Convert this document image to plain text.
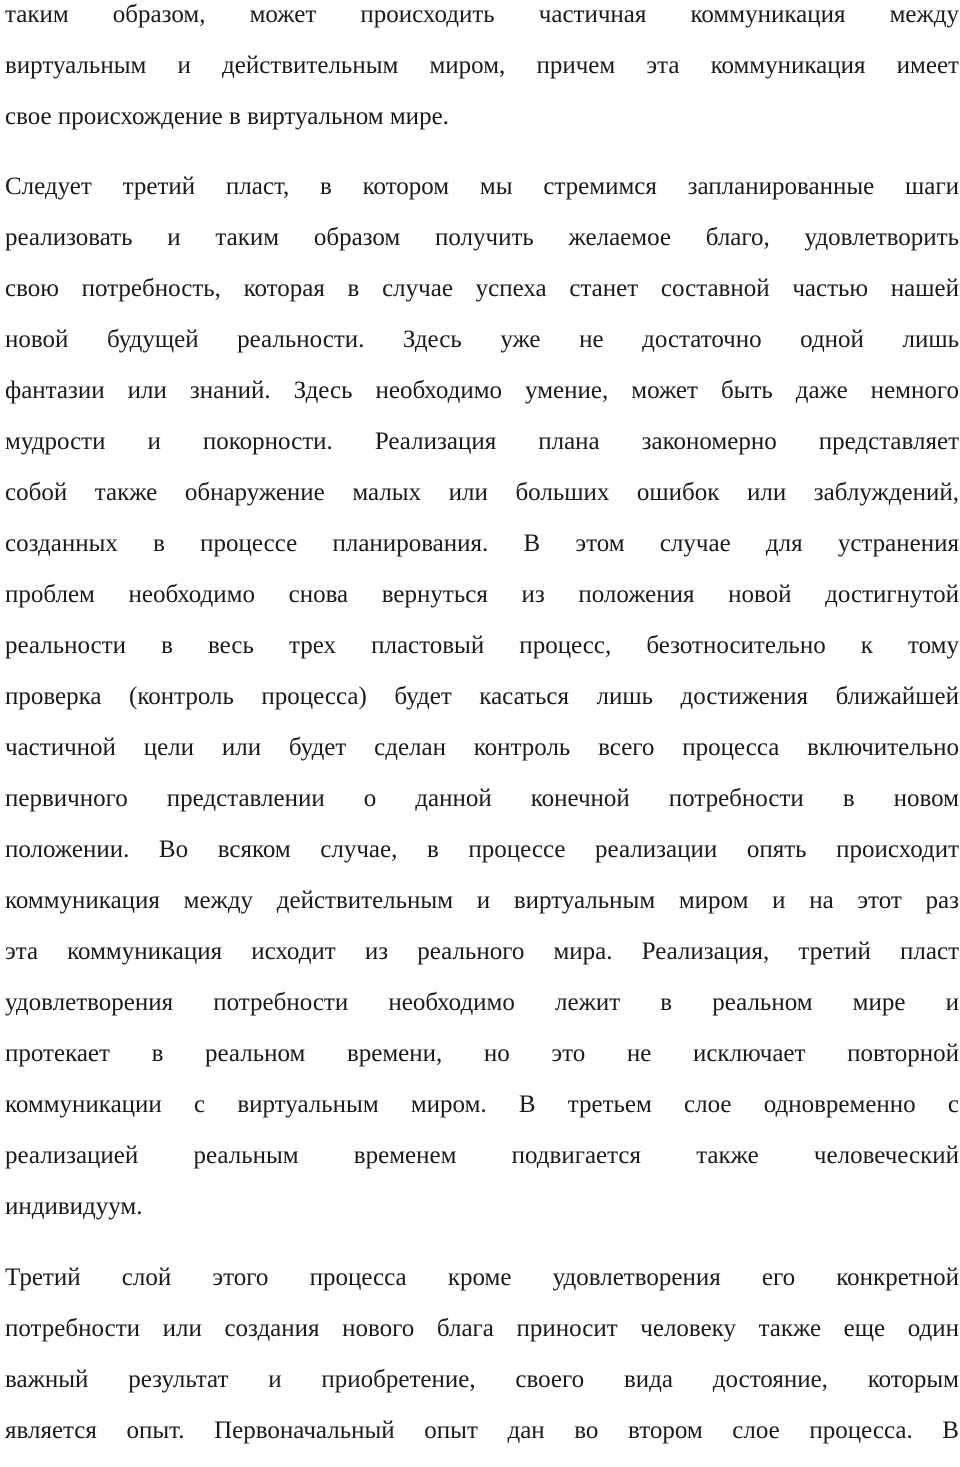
таким образом, может происходить частичная коммуникация между
виртуальным и действительным миром, причем эта коммуникация имеет
свое происхождение в виртуальном мире.
Следует третий пласт, в котором мы стремимся запланированные шаги
реализовать и таким образом получить желаемое благо, удовлетворить
свою потребность, которая в случае успеха станет составной частью нашей
новой будущей реальности. Здесь уже не достаточно одной лишь
фантазии или знаний. Здесь необходимо умение, может быть даже немного
мудрости и покорности. Реализация плана закономерно представляет
собой также обнаружение малых или больших ошибок или заблуждений,
созданных в процессе планирования. В этом случае для устранения
проблем необходимо снова вернуться из положения новой достигнутой
реальности в весь трех пластовый процесс, безотносительно к тому
проверка (контроль процесса) будет касаться лишь достижения ближайшей
частичной цели или будет сделан контроль всего процесса включительно
первичного представлении о данной конечной потребности в новом
положении. Во всяком случае, в процессе реализации опять происходит
коммуникация между действительным и виртуальным миром и на этот раз
эта коммуникация исходит из реального мира. Реализация, третий пласт
удовлетворения потребности необходимо лежит в реальном мире и
протекает в реальном времени, но это не исключает повторной
коммуникации с виртуальным миром. В третьем слое одновременно с
реализацией реальным временем подвигается также человеческий
индивидуум.
Третий слой этого процесса кроме удовлетворения его конкретной
потребности или создания нового блага приносит человеку также еще один
важный результат и приобретение, своего вида достояние, которым
является опыт. Первоначальный опыт дан во втором слое процесса. В
